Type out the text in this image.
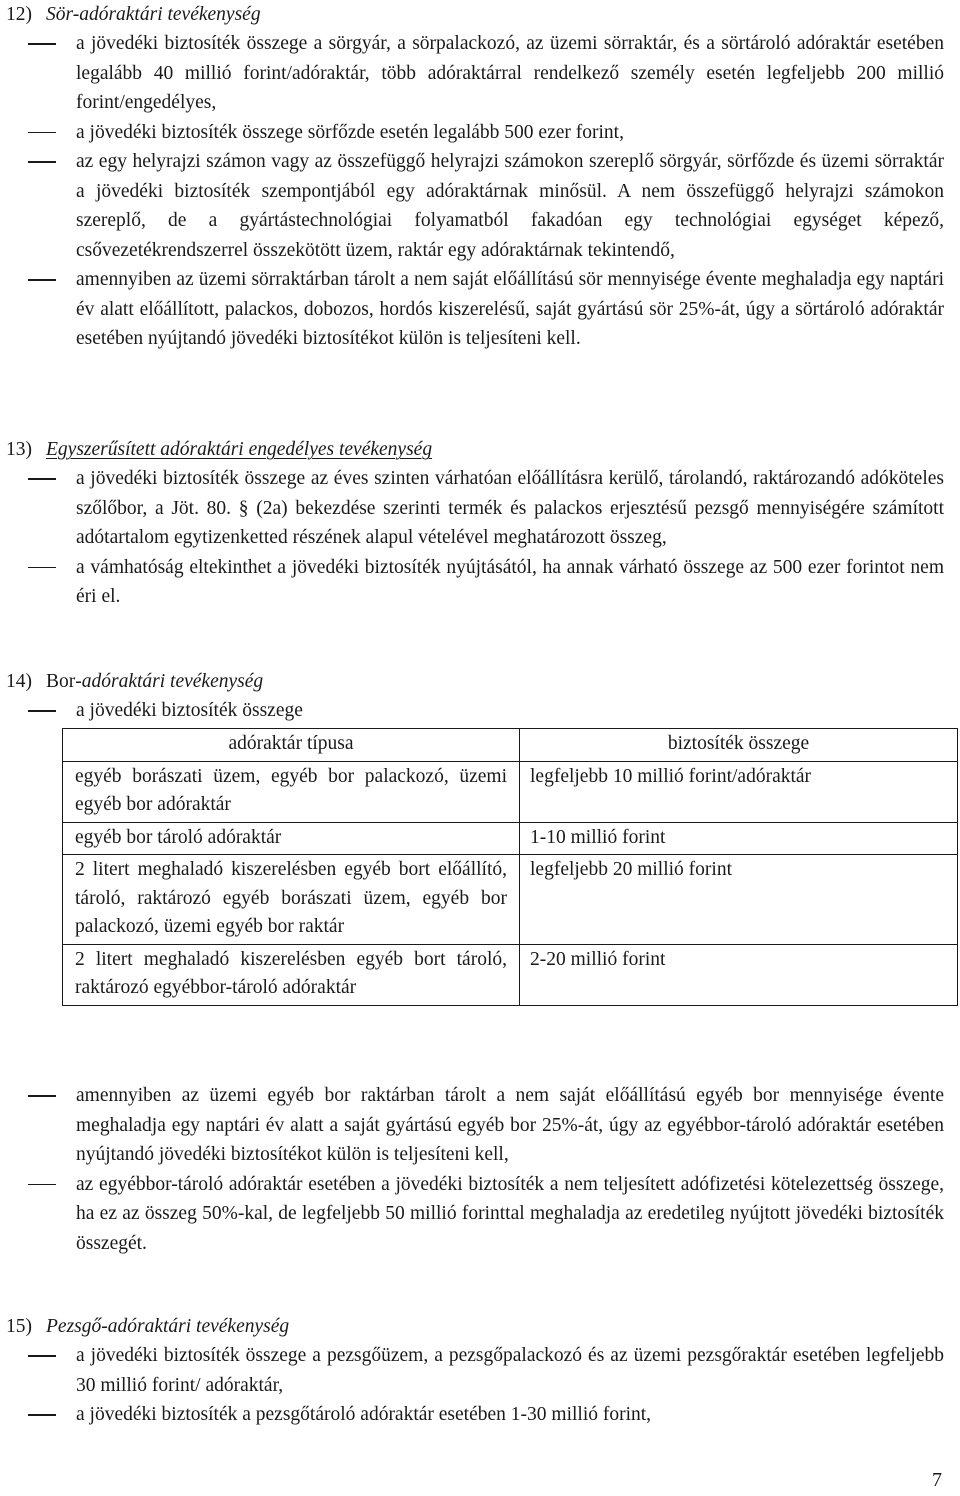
12) Sör-adóraktári tevékenység
a jövedéki biztosíték összege a sörgyár, a sörpalackozó, az üzemi sörraktár, és a sörtároló adóraktár esetében legalább 40 millió forint/adóraktár, több adóraktárral rendelkező személy esetén legfeljebb 200 millió forint/engedélyes,
a jövedéki biztosíték összege sörfőzde esetén legalább 500 ezer forint,
az egy helyrajzi számon vagy az összefüggő helyrajzi számokon szereplő sörgyár, sörfőzde és üzemi sörraktár a jövedéki biztosíték szempontjából egy adóraktárnak minősül. A nem összefüggő helyrajzi számokon szereplő, de a gyártástechnológiai folyamatból fakadóan egy technológiai egységet képező, csővezetékrendszerrel összekötött üzem, raktár egy adóraktárnak tekintendő,
amennyiben az üzemi sörraktárban tárolt a nem saját előállítású sör mennyisége évente meghaladja egy naptári év alatt előállított, palackos, dobozos, hordós kiszerelésű, saját gyártású sör 25%-át, úgy a sörtároló adóraktár esetében nyújtandó jövedéki biztosítékot külön is teljesíteni kell.
13) Egyszerűsített adóraktári engedélyes tevékenység
a jövedéki biztosíték összege az éves szinten várhatóan előállításra kerülő, tárolandó, raktározandó adóköteles szőlőbor, a Jöt. 80. § (2a) bekezdése szerinti termék és palackos erjesztésű pezsgő mennyiségére számított adótartalom egytizenketted részének alapul vételével meghatározott összeg,
a vámhatóság eltekinthet a jövedéki biztosíték nyújtásától, ha annak várható összege az 500 ezer forintot nem éri el.
14) Bor-adóraktári tevékenység
a jövedéki biztosíték összege
adóraktár típusa	biztosíték összege
egyéb borászati üzem, egyéb bor palackozó, üzemi egyéb bor adóraktár	legfeljebb 10 millió forint/adóraktár
egyéb bor tároló adóraktár	1-10 millió forint
2 litert meghaladó kiszerelésben egyéb bort előállító, tároló, raktározó egyéb borászati üzem, egyéb bor palackozó, üzemi egyéb bor raktár	legfeljebb 20 millió forint
2 litert meghaladó kiszerelésben egyéb bort tároló, raktározó egyébbor-tároló adóraktár	2-20 millió forint
amennyiben az üzemi egyéb bor raktárban tárolt a nem saját előállítású egyéb bor mennyisége évente meghaladja egy naptári év alatt a saját gyártású egyéb bor 25%-át, úgy az egyébbor-tároló adóraktár esetében nyújtandó jövedéki biztosítékot külön is teljesíteni kell,
az egyébbor-tároló adóraktár esetében a jövedéki biztosíték a nem teljesített adófizetési kötelezettség összege, ha ez az összeg 50%-kal, de legfeljebb 50 millió forinttal meghaladja az eredetileg nyújtott jövedéki biztosíték összegét.
15) Pezsgő-adóraktári tevékenység
a jövedéki biztosíték összege a pezsgőüzem, a pezsgőpalackozó és az üzemi pezsgőraktár esetében legfeljebb 30 millió forint/ adóraktár,
a jövedéki biztosíték a pezsgőtároló adóraktár esetében 1-30 millió forint,
7
